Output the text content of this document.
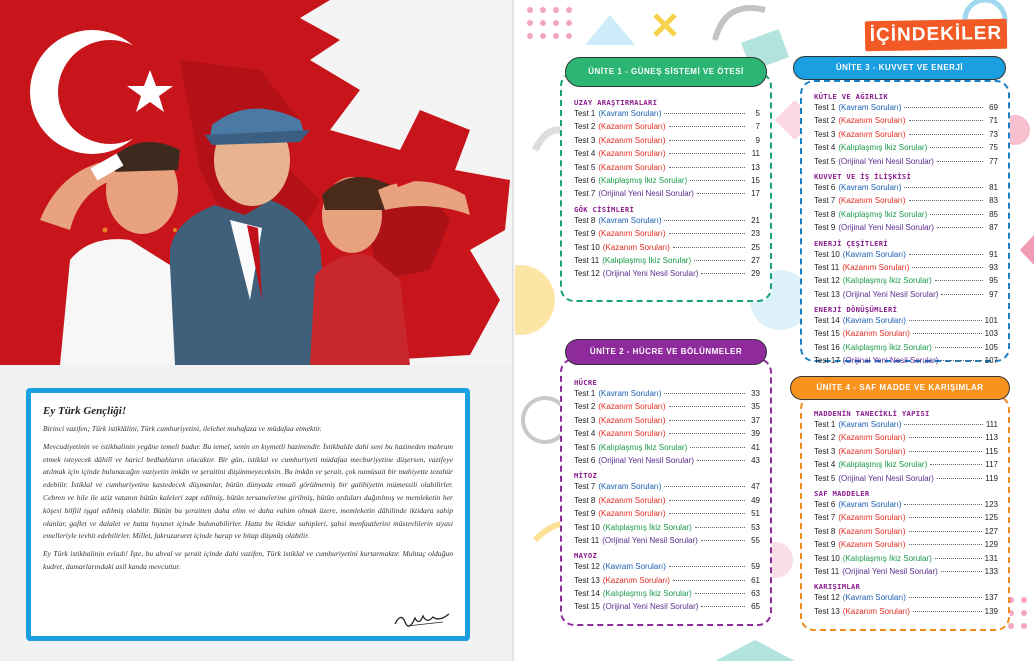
Ey Türk Gençliği!

Birinci vazifen; Türk istiklâlini, Türk cumhuriyetini, ilelebet muhafaza ve müdafaa etmektir.

Mevcudiyetinin ve istikbalinin yegâne temeli budur. Bu temel, senin en kıymetli hazinendir. İstikbalde dahi seni bu hazineden mahrum etmek isteyecek dâhilî ve haricî bedhahların olacaktır. Bir gün, istiklal ve cumhuriyeti müdafaa mecburiyetine düşersen, vazifeye atılmak için içinde bulunacağın vaziyetin imkân ve şeraitini düşünmeyeceksin. Bu imkân ve şerait, çok namüsait bir mahiyette tezahür edebilir. İstiklal ve cumhuriyetine kastedecek düşmanlar, bütün dünyada emsali görülmemiş bir galibiyetin mümessili olabilirler. Cebren ve hile ile aziz vatanın bütün kaleleri zapt edilmiş, bütün tersanelerine girilmiş, bütün orduları dağıtılmış ve memleketin her köşesi bilfiil işgal edilmiş olabilir. Bütün bu şeraitten daha elim ve daha vahim olmak üzere, memleketin dâhilinde iktidara sahip olanlar, gaflet ve dalalet ve hatta hıyanet içinde bulunabilirler. Hatta bu iktidar sahipleri, şahsi menfaatlerini müstevlilerin siyasi emelleriyle tevhit edebilirler. Millet, fakruzaruret içinde harap ve bitap düşmüş olabilir.

Ey Türk istikbalinin evladı! İşte, bu ahval ve şerait içinde dahi vazifen, Türk istiklal ve cumhuriyetini kurtarmaktır. Muhtaç olduğun kudret, damarlarındaki asil kanda mevcuttur.

İÇİNDEKİLER
UZAY ARAŞTIRMALARI
Test 1 ( Kavram Soruları )	5
Test 2 ( Kazanım Soruları )	7
Test 3 ( Kazanım Soruları )	9
Test 4 ( Kazanım Soruları )	11
Test 5 ( Kazanım Soruları )	13
Test 6 ( Kalıplaşmış İkiz Sorular )	15
Test 7 ( Orijinal Yeni Nesil Sorular )	17
GÖK CİSİMLERİ
Test 8 ( Kavram Soruları )	21
Test 9 ( Kazanım Soruları )	23
Test 10 ( Kazanım Soruları )	25
Test 11 ( Kalıplaşmış İkiz Sorular )	27
Test 12 ( Orijinal Yeni Nesil Sorular )	29
ÜNİTE 1 - GÜNEŞ SİSTEMİ VE ÖTESİ
HÜCRE
Test 1 ( Kavram Soruları )	33
Test 2 ( Kazanım Soruları )	35
Test 3 ( Kazanım Soruları )	37
Test 4 ( Kazanım Soruları )	39
Test 5 ( Kalıplaşmış İkiz Sorular )	41
Test 6 ( Orijinal Yeni Nesil Sorular )	43
MİTOZ
Test 7 ( Kavram Soruları )	47
Test 8 ( Kazanım Soruları )	49
Test 9 ( Kazanım Soruları )	51
Test 10 ( Kalıplaşmış İkiz Sorular )	53
Test 11 ( Orijinal Yeni Nesil Sorular )	55
MAYOZ
Test 12 ( Kavram Soruları )	59
Test 13 ( Kazanım Soruları )	61
Test 14 ( Kalıplaşmış İkiz Sorular )	63
Test 15 ( Orijinal Yeni Nesil Sorular )	65
ÜNİTE 2 - HÜCRE VE BÖLÜNMELER
KÜTLE VE AĞIRLIK
Test 1 ( Kavram Soruları )	69
Test 2 ( Kazanım Soruları )	71
Test 3 ( Kazanım Soruları )	73
Test 4 ( Kalıplaşmış İkiz Sorular )	75
Test 5 ( Orijinal Yeni Nesil Sorular )	77
KUVVET VE İŞ İLİŞKİSİ
Test 6 ( Kavram Soruları )	81
Test 7 ( Kazanım Soruları )	83
Test 8 ( Kalıplaşmış İkiz Sorular )	85
Test 9 ( Orijinal Yeni Nesil Sorular )	87
ENERJİ ÇEŞİTLERİ
Test 10 ( Kavram Soruları )	91
Test 11 ( Kazanım Soruları )	93
Test 12 ( Kalıplaşmış İkiz Sorular )	95
Test 13 ( Orijinal Yeni Nesil Sorular )	97
ENERJİ DÖNÜŞÜMLERİ
Test 14 ( Kavram Soruları )	101
Test 15 ( Kazanım Soruları )	103
Test 16 ( Kalıplaşmış İkiz Sorular )	105
Test 17 ( Orijinal Yeni Nesil Sorular )	107
ÜNİTE 3 - KUVVET VE ENERJİ
MADDENİN TANECİKLİ YAPISI
Test 1 ( Kavram Soruları )	111
Test 2 ( Kazanım Soruları )	113
Test 3 ( Kazanım Soruları )	115
Test 4 ( Kalıplaşmış İkiz Sorular )	117
Test 5 ( Orijinal Yeni Nesil Sorular )	119
SAF MADDELER
Test 6 ( Kavram Soruları )	123
Test 7 ( Kazanım Soruları )	125
Test 8 ( Kazanım Soruları )	127
Test 9 ( Kazanım Soruları )	129
Test 10 ( Kalıplaşmış İkiz Sorular )	131
Test 11 ( Orijinal Yeni Nesil Sorular )	133
KARIŞIMLAR
Test 12 ( Kavram Soruları )	137
Test 13 ( Kazanım Soruları )	139
ÜNİTE 4 - SAF MADDE VE KARIŞIMLAR
